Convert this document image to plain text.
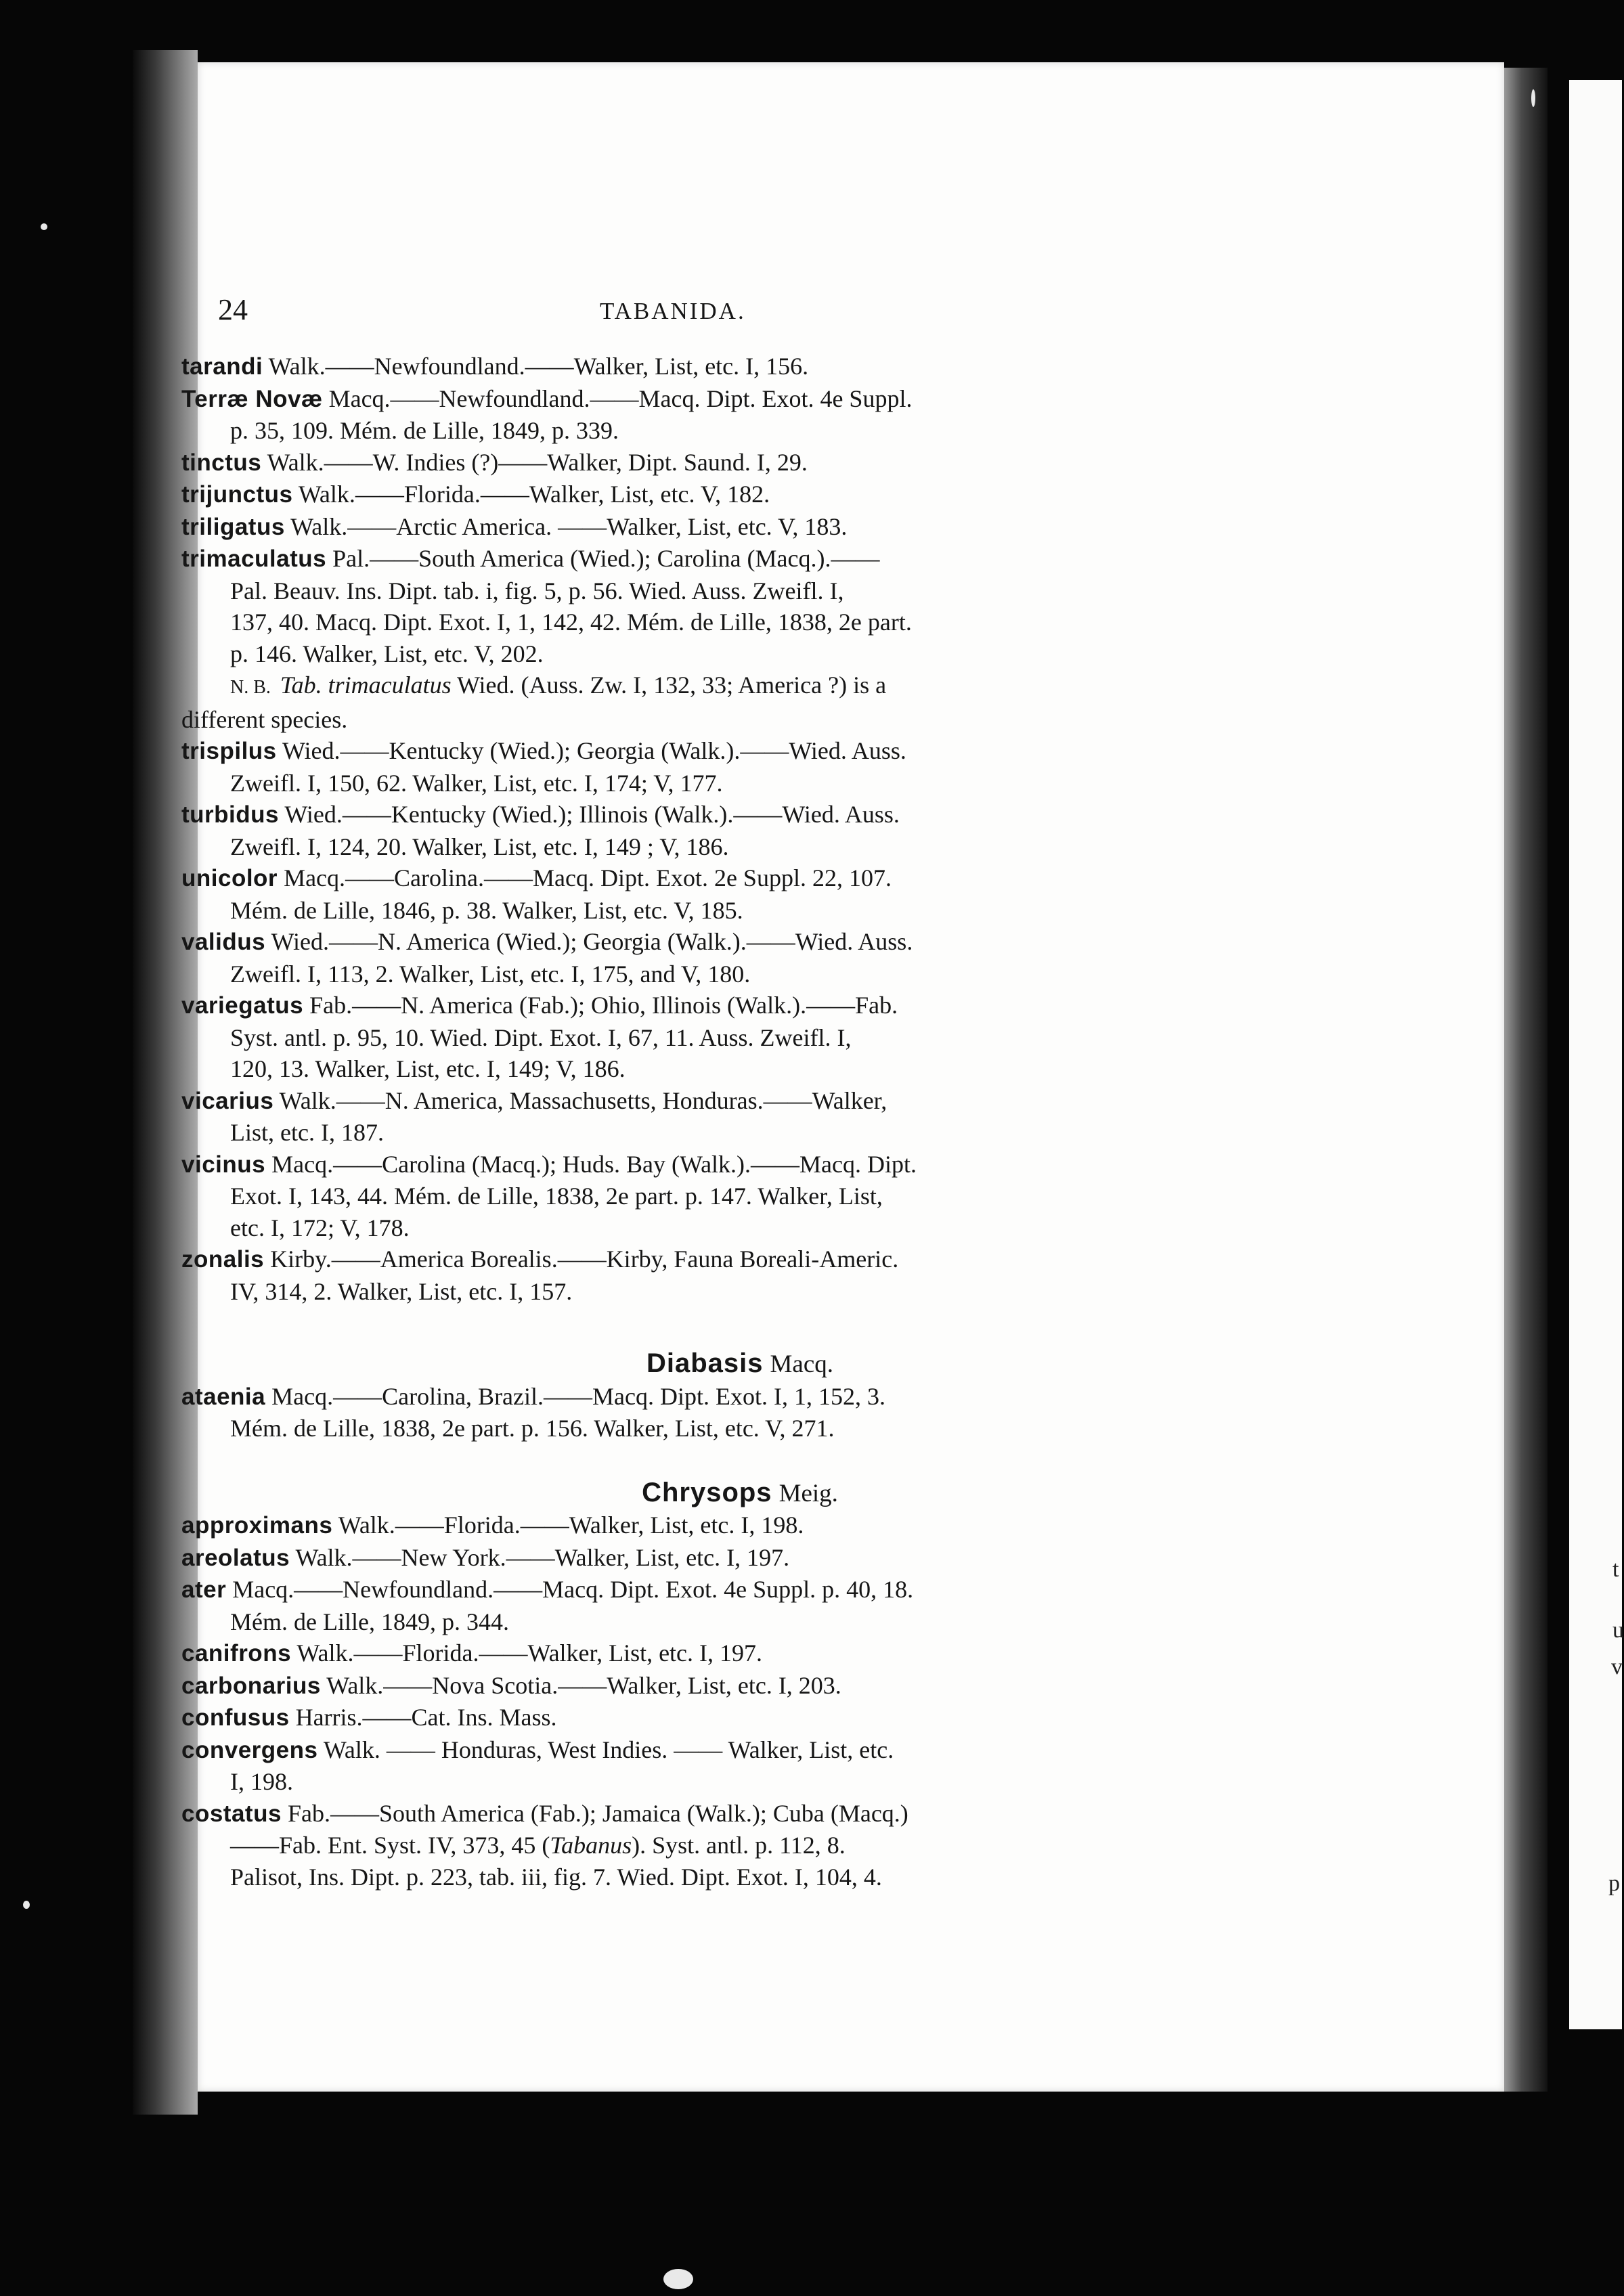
t
u
v
p
24	TABANIDA.
tarandi Walk.——Newfoundland.——Walker, List, etc. I, 156.
Terræ Novæ Macq.——Newfoundland.——Macq. Dipt. Exot. 4e Suppl.
p. 35, 109. Mém. de Lille, 1849, p. 339.
tinctus Walk.——W. Indies (?)——Walker, Dipt. Saund. I, 29.
trijunctus Walk.——Florida.——Walker, List, etc. V, 182.
triligatus Walk.——Arctic America. ——Walker, List, etc. V, 183.
trimaculatus Pal.——South America (Wied.); Carolina (Macq.).——
Pal. Beauv. Ins. Dipt. tab. i, fig. 5, p. 56. Wied. Auss. Zweifl. I,
137, 40. Macq. Dipt. Exot. I, 1, 142, 42. Mém. de Lille, 1838, 2e part.
p. 146. Walker, List, etc. V, 202.
N. B. Tab. trimaculatus Wied. (Auss. Zw. I, 132, 33; America ?) is a
different species.
trispilus Wied.——Kentucky (Wied.); Georgia (Walk.).——Wied. Auss.
Zweifl. I, 150, 62. Walker, List, etc. I, 174; V, 177.
turbidus Wied.——Kentucky (Wied.); Illinois (Walk.).——Wied. Auss.
Zweifl. I, 124, 20. Walker, List, etc. I, 149 ; V, 186.
unicolor Macq.——Carolina.——Macq. Dipt. Exot. 2e Suppl. 22, 107.
Mém. de Lille, 1846, p. 38. Walker, List, etc. V, 185.
validus Wied.——N. America (Wied.); Georgia (Walk.).——Wied. Auss.
Zweifl. I, 113, 2. Walker, List, etc. I, 175, and V, 180.
variegatus Fab.——N. America (Fab.); Ohio, Illinois (Walk.).——Fab.
Syst. antl. p. 95, 10. Wied. Dipt. Exot. I, 67, 11. Auss. Zweifl. I,
120, 13. Walker, List, etc. I, 149; V, 186.
vicarius Walk.——N. America, Massachusetts, Honduras.——Walker,
List, etc. I, 187.
vicinus Macq.——Carolina (Macq.); Huds. Bay (Walk.).——Macq. Dipt.
Exot. I, 143, 44. Mém. de Lille, 1838, 2e part. p. 147. Walker, List,
etc. I, 172; V, 178.
zonalis Kirby.——America Borealis.——Kirby, Fauna Boreali-Americ.
IV, 314, 2. Walker, List, etc. I, 157.
Diabasis Macq.
ataenia Macq.——Carolina, Brazil.——Macq. Dipt. Exot. I, 1, 152, 3.
Mém. de Lille, 1838, 2e part. p. 156. Walker, List, etc. V, 271.
Chrysops Meig.
approximans Walk.——Florida.——Walker, List, etc. I, 198.
areolatus Walk.——New York.——Walker, List, etc. I, 197.
ater Macq.——Newfoundland.——Macq. Dipt. Exot. 4e Suppl. p. 40, 18.
Mém. de Lille, 1849, p. 344.
canifrons Walk.——Florida.——Walker, List, etc. I, 197.
carbonarius Walk.——Nova Scotia.——Walker, List, etc. I, 203.
confusus Harris.——Cat. Ins. Mass.
convergens Walk. —— Honduras, West Indies. —— Walker, List, etc.
I, 198.
costatus Fab.——South America (Fab.); Jamaica (Walk.); Cuba (Macq.)
——Fab. Ent. Syst. IV, 373, 45 (Tabanus). Syst. antl. p. 112, 8.
Palisot, Ins. Dipt. p. 223, tab. iii, fig. 7. Wied. Dipt. Exot. I, 104, 4.
